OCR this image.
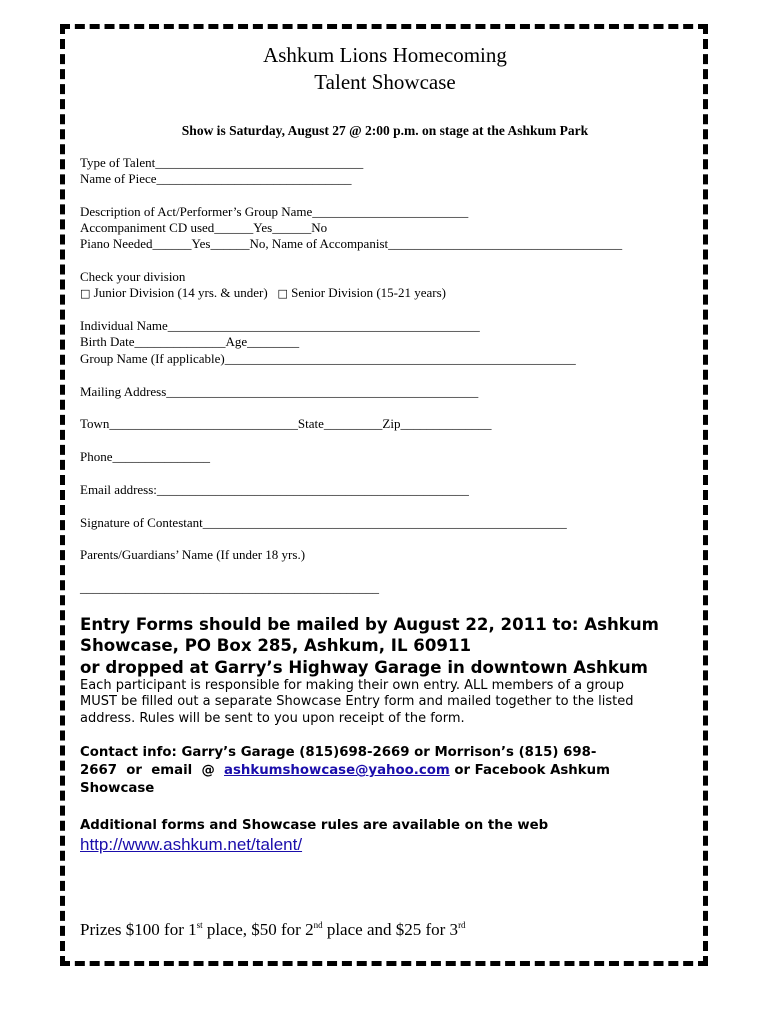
Ashkum Lions Homecoming
Talent Showcase
Show is Saturday, August 27 @ 2:00 p.m. on stage at the Ashkum Park
Type of Talent________________________________
Name of Piece______________________________
Description of Act/Performer’s Group Name________________________
Accompaniment CD used______Yes______No
Piano Needed______Yes______No, Name of Accompanist____________________________________
Check your division
□ Junior Division (14 yrs. & under) □ Senior Division (15-21 years)
Individual Name________________________________________________
Birth Date______________Age________
Group Name (If applicable)______________________________________________________
Mailing Address________________________________________________
Town_____________________________State_________Zip______________
Phone_______________
Email address:________________________________________________
Signature of Contestant________________________________________________________
Parents/Guardians’ Name (If under 18 yrs.)
______________________________________________
Entry Forms should be mailed by August 22, 2011 to: Ashkum
Showcase, PO Box 285, Ashkum, IL 60911
or dropped at Garry’s Highway Garage in downtown Ashkum
Each participant is responsible for making their own entry. ALL members of a group
MUST be filled out a separate Showcase Entry form and mailed together to the listed
address. Rules will be sent to you upon receipt of the form.
Contact info: Garry’s Garage (815)698-2669 or Morrison’s (815) 698-
2667  or  email  @  ashkumshowcase@yahoo.com or Facebook Ashkum
Showcase
Additional forms and Showcase rules are available on the web
http://www.ashkum.net/talent/
Prizes $100 for 1st place, $50 for 2nd place and $25 for 3rd
